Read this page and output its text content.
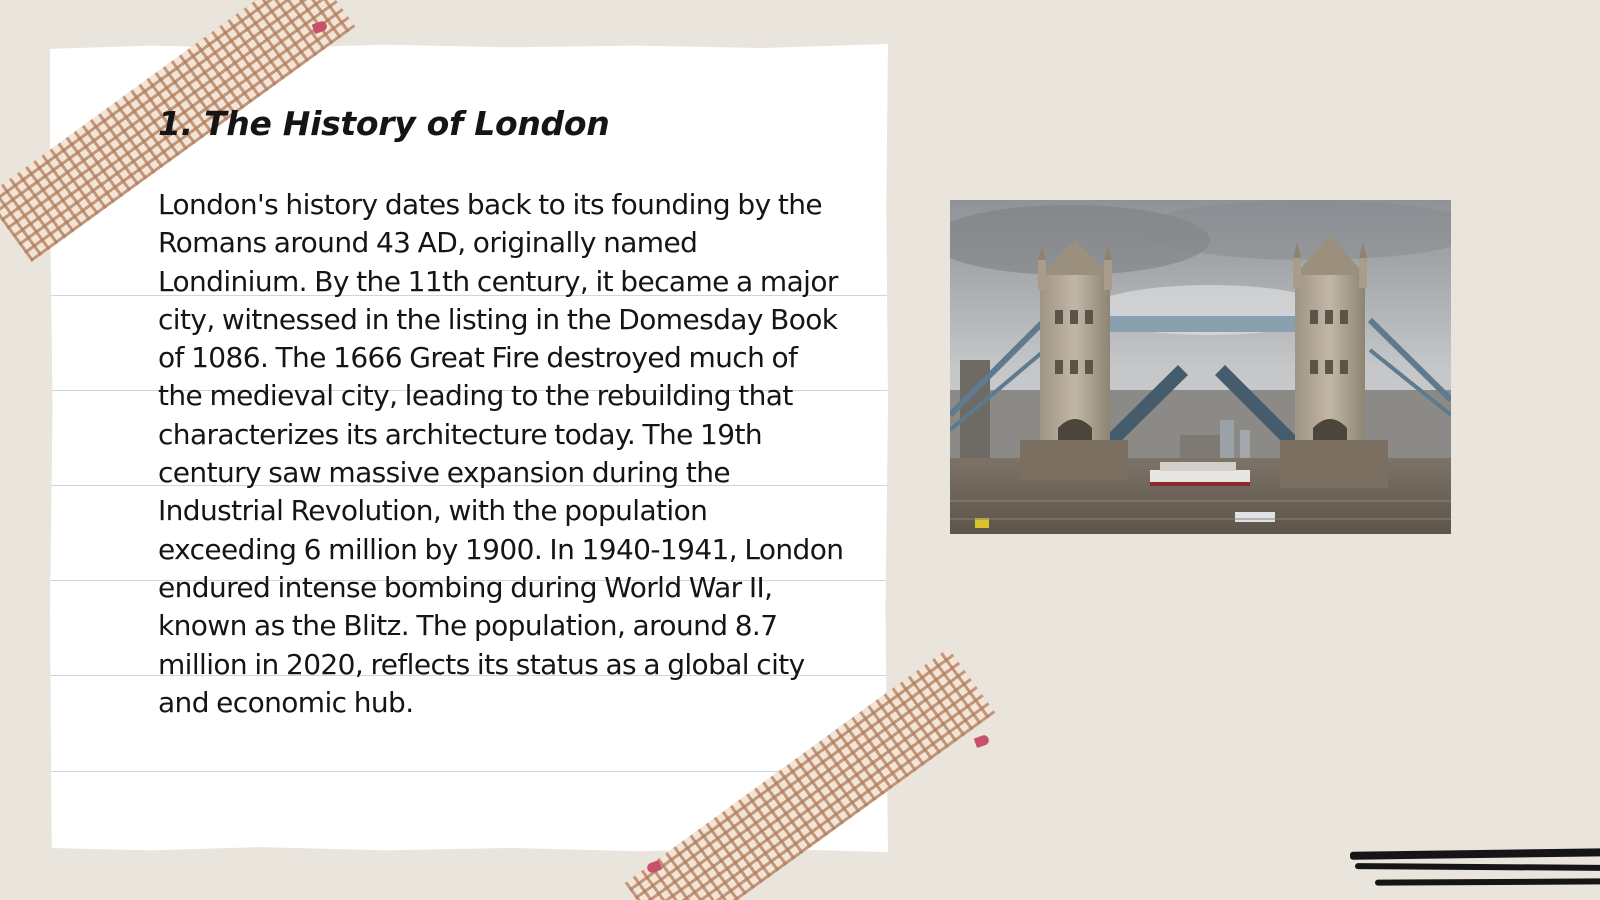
1. The History of London

London's history dates back to its founding by the Romans around 43 AD, originally named Londinium. By the 11th century, it became a major city, witnessed in the listing in the Domesday Book of 1086. The 1666 Great Fire destroyed much of the medieval city, leading to the rebuilding that characterizes its architecture today. The 19th century saw massive expansion during the Industrial Revolution, with the population exceeding 6 million by 1900. In 1940-1941, London endured intense bombing during World War II, known as the Blitz. The population, around 8.7 million in 2020, reflects its status as a global city and economic hub.
